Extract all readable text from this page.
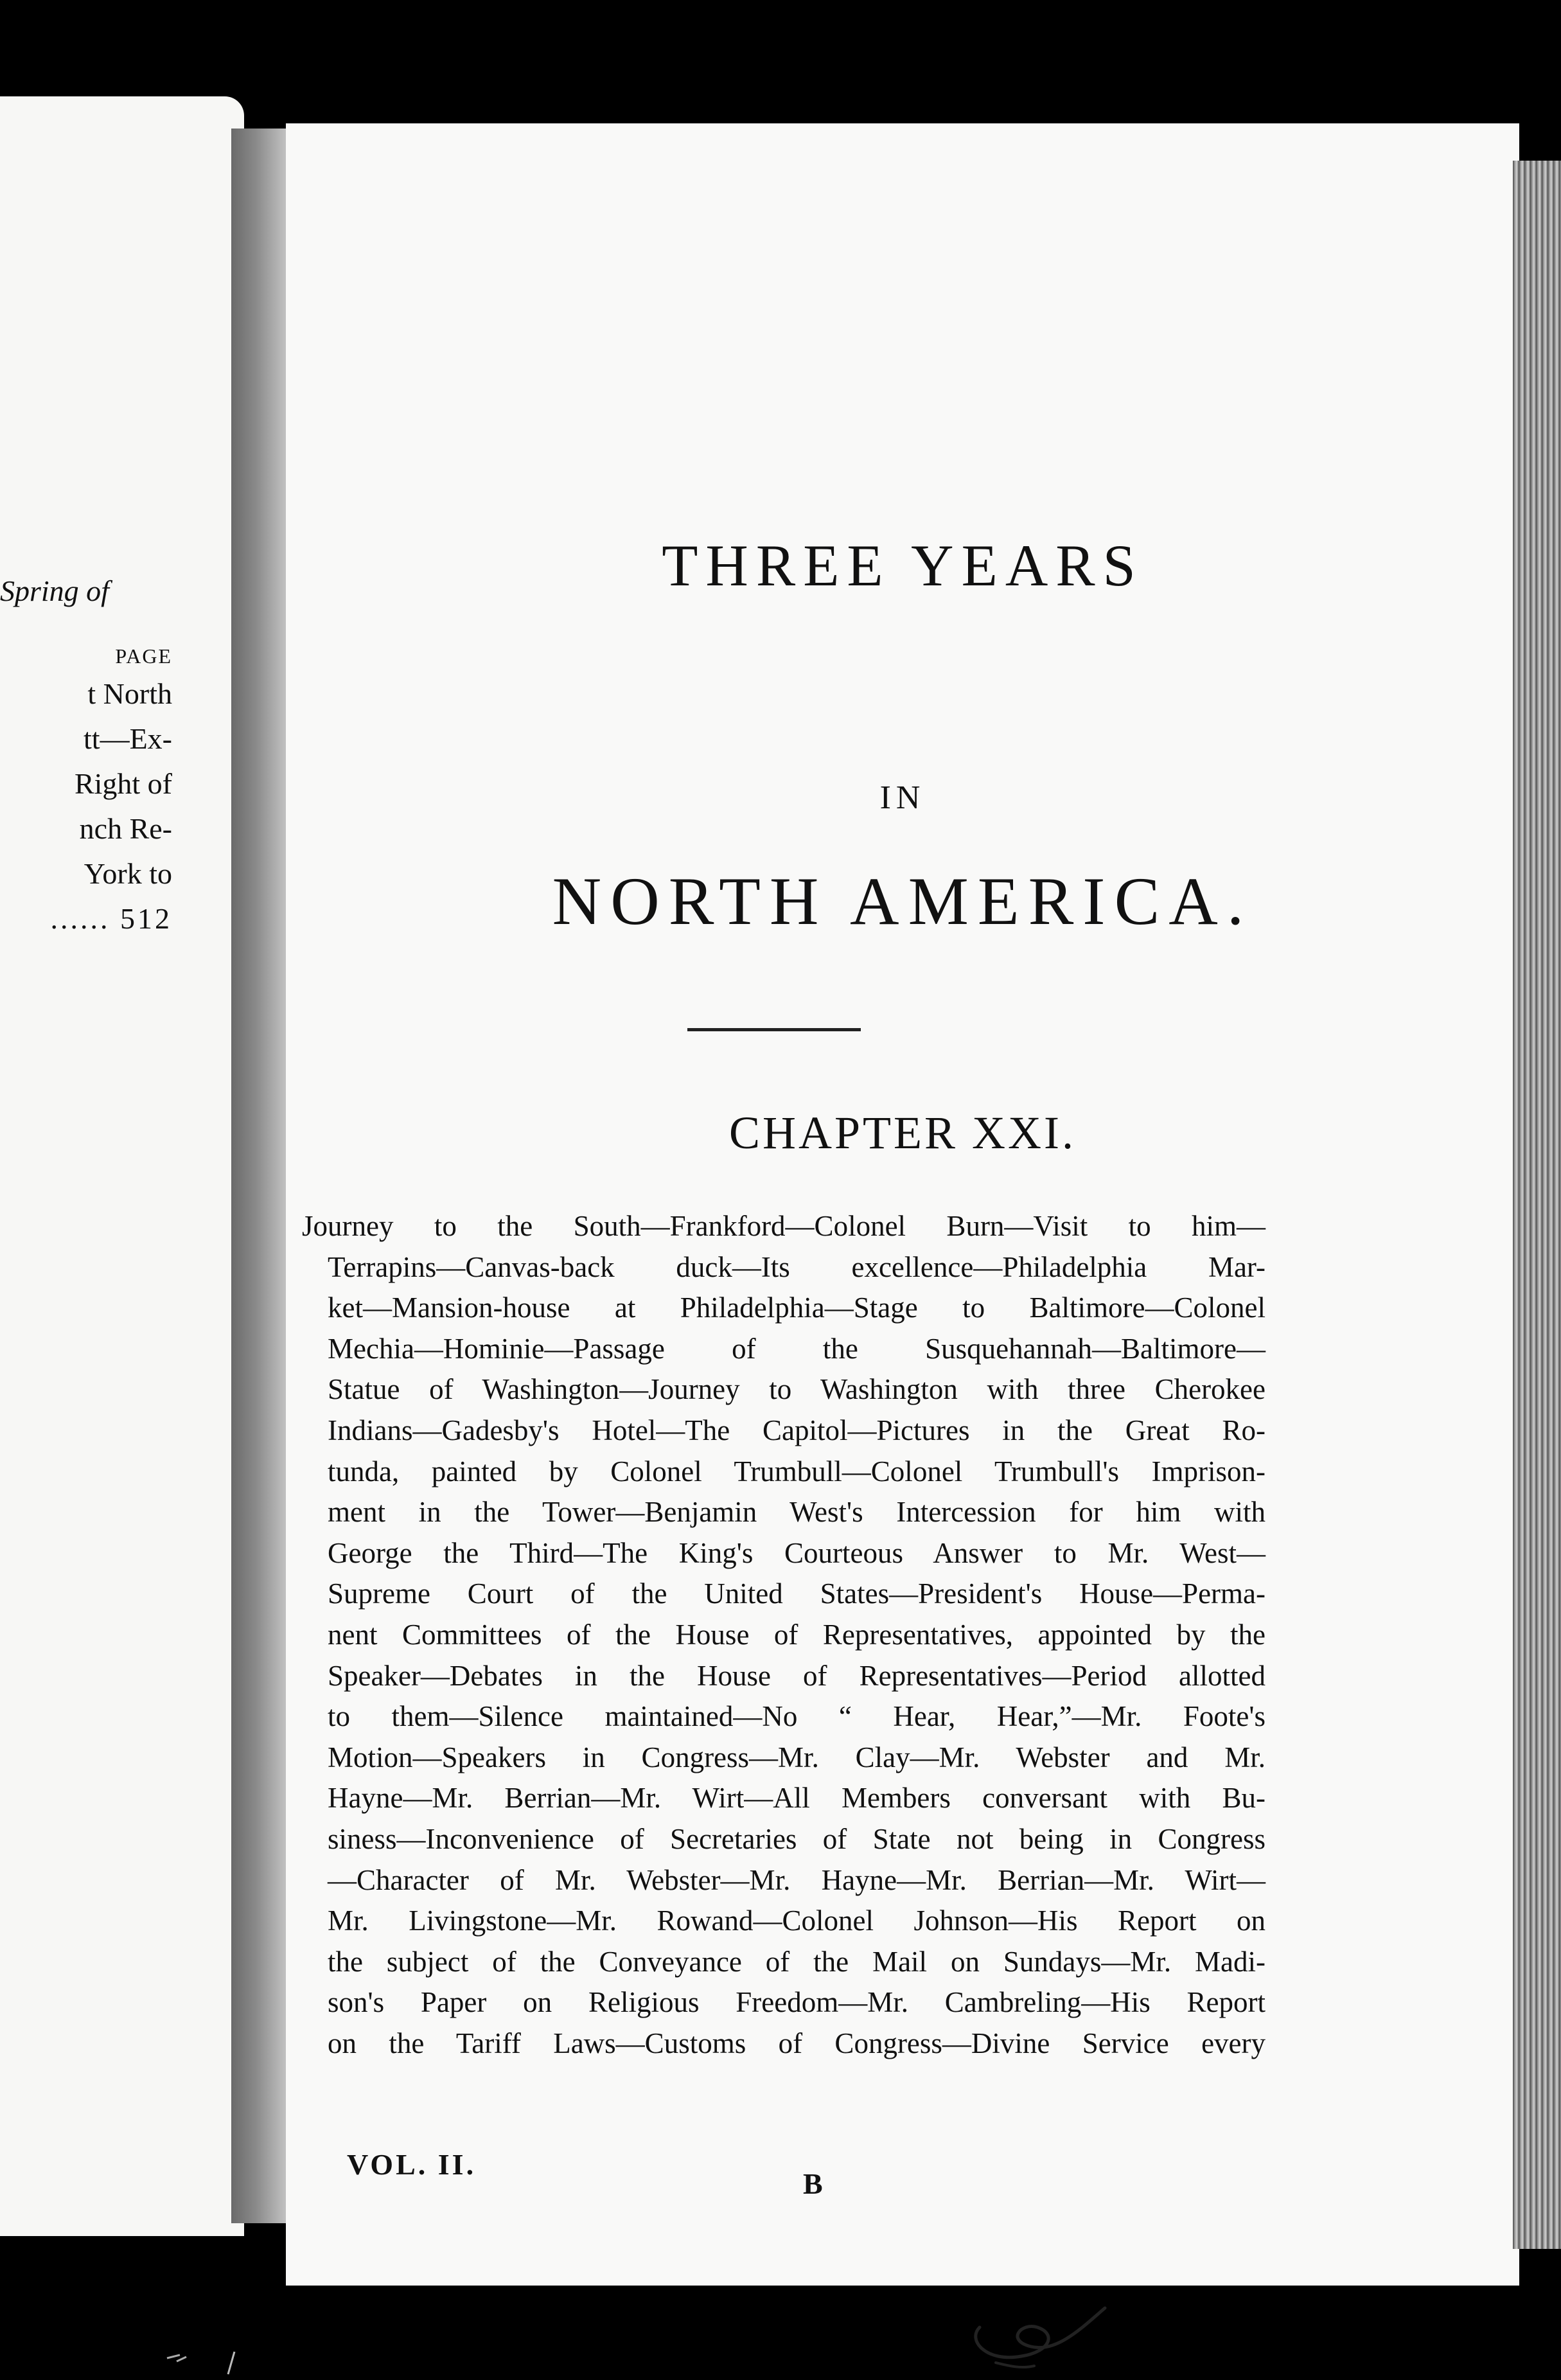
Spring of
PAGE
t North
tt—Ex-
Right of
nch Re-
York to
...... 512
THREE YEARS
IN
NORTH AMERICA.
CHAPTER XXI.
Journey to the South—Frankford—Colonel Burn—Visit to him—
Terrapins—Canvas-back duck—Its excellence—Philadelphia Mar-
ket—Mansion-house at Philadelphia—Stage to Baltimore—Colonel
Mechia—Hominie—Passage of the Susquehannah—Baltimore—
Statue of Washington—Journey to Washington with three Cherokee
Indians—Gadesby's Hotel—The Capitol—Pictures in the Great Ro-
tunda, painted by Colonel Trumbull—Colonel Trumbull's Imprison-
ment in the Tower—Benjamin West's Intercession for him with
George the Third—The King's Courteous Answer to Mr. West—
Supreme Court of the United States—President's House—Perma-
nent Committees of the House of Representatives, appointed by the
Speaker—Debates in the House of Representatives—Period allotted
to them—Silence maintained—No “ Hear, Hear,”—Mr. Foote's
Motion—Speakers in Congress—Mr. Clay—Mr. Webster and Mr.
Hayne—Mr. Berrian—Mr. Wirt—All Members conversant with Bu-
siness—Inconvenience of Secretaries of State not being in Congress
—Character of Mr. Webster—Mr. Hayne—Mr. Berrian—Mr. Wirt—
Mr. Livingstone—Mr. Rowand—Colonel Johnson—His Report on
the subject of the Conveyance of the Mail on Sundays—Mr. Madi-
son's Paper on Religious Freedom—Mr. Cambreling—His Report
on the Tariff Laws—Customs of Congress—Divine Service every
VOL. II.
B
